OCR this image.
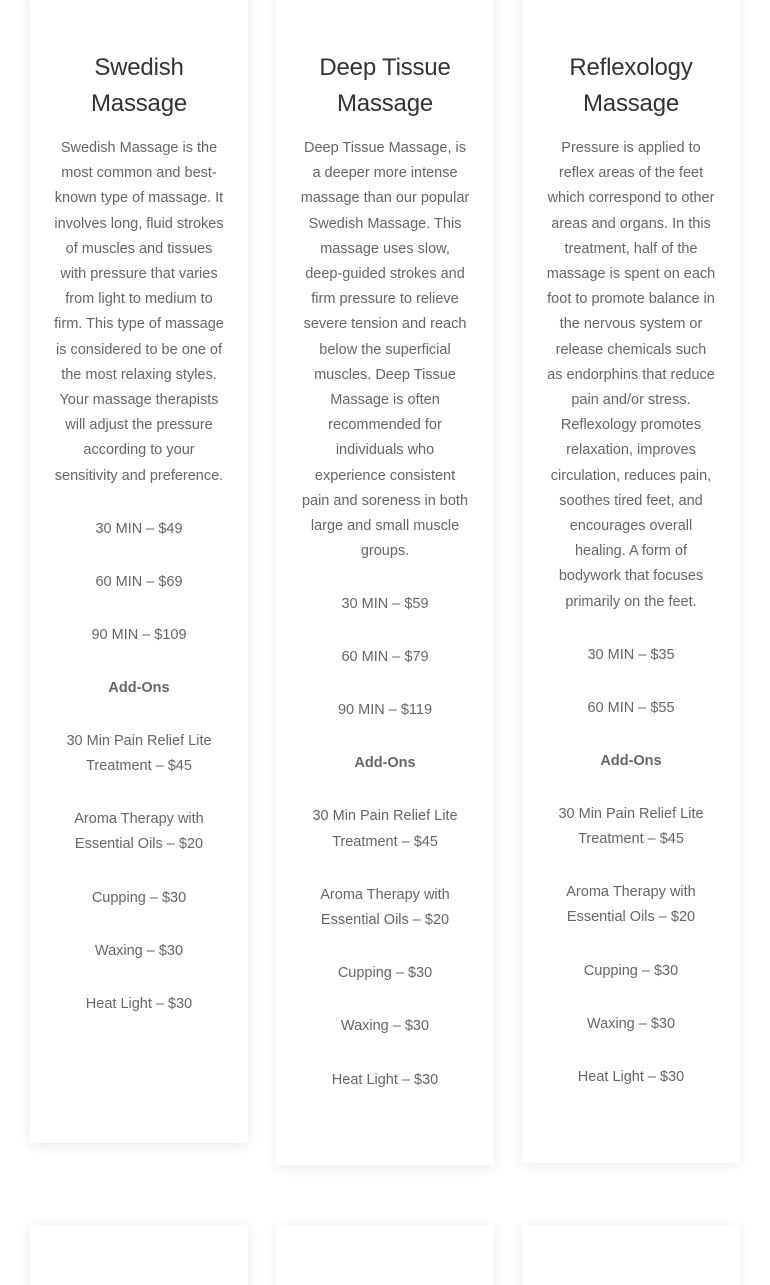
Swedish Massage

Swedish Massage is the most common and best-known type of massage. It involves long, fluid strokes of muscles and tissues with pressure that varies from light to medium to firm. This type of massage is considered to be one of the most relaxing styles. Your massage therapists will adjust the pressure according to your sensitivity and preference.

30 MIN – $49
60 MIN – $69
90 MIN – $109
Add-Ons
30 Min Pain Relief Lite Treatment – $45
Aroma Therapy with Essential Oils – $20
Cupping – $30
Waxing – $30
Heat Light – $30
Deep Tissue Massage

Deep Tissue Massage, is a deeper more intense massage than our popular Swedish Massage. This massage uses slow, deep-guided strokes and firm pressure to relieve severe tension and reach below the superficial muscles. Deep Tissue Massage is often recommended for individuals who experience consistent pain and soreness in both large and small muscle groups.

30 MIN – $59
60 MIN – $79
90 MIN – $119
Add-Ons
30 Min Pain Relief Lite Treatment – $45
Aroma Therapy with Essential Oils – $20
Cupping – $30
Waxing – $30
Heat Light – $30
Reflexology Massage

Pressure is applied to reflex areas of the feet which correspond to other areas and organs. In this treatment, half of the massage is spent on each foot to promote balance in the nervous system or release chemicals such as endorphins that reduce pain and/or stress. Reflexology promotes relaxation, improves circulation, reduces pain, soothes tired feet, and encourages overall healing. A form of bodywork that focuses primarily on the feet.

30 MIN – $35
60 MIN – $55
Add-Ons
30 Min Pain Relief Lite Treatment – $45
Aroma Therapy with Essential Oils – $20
Cupping – $30
Waxing – $30
Heat Light – $30
